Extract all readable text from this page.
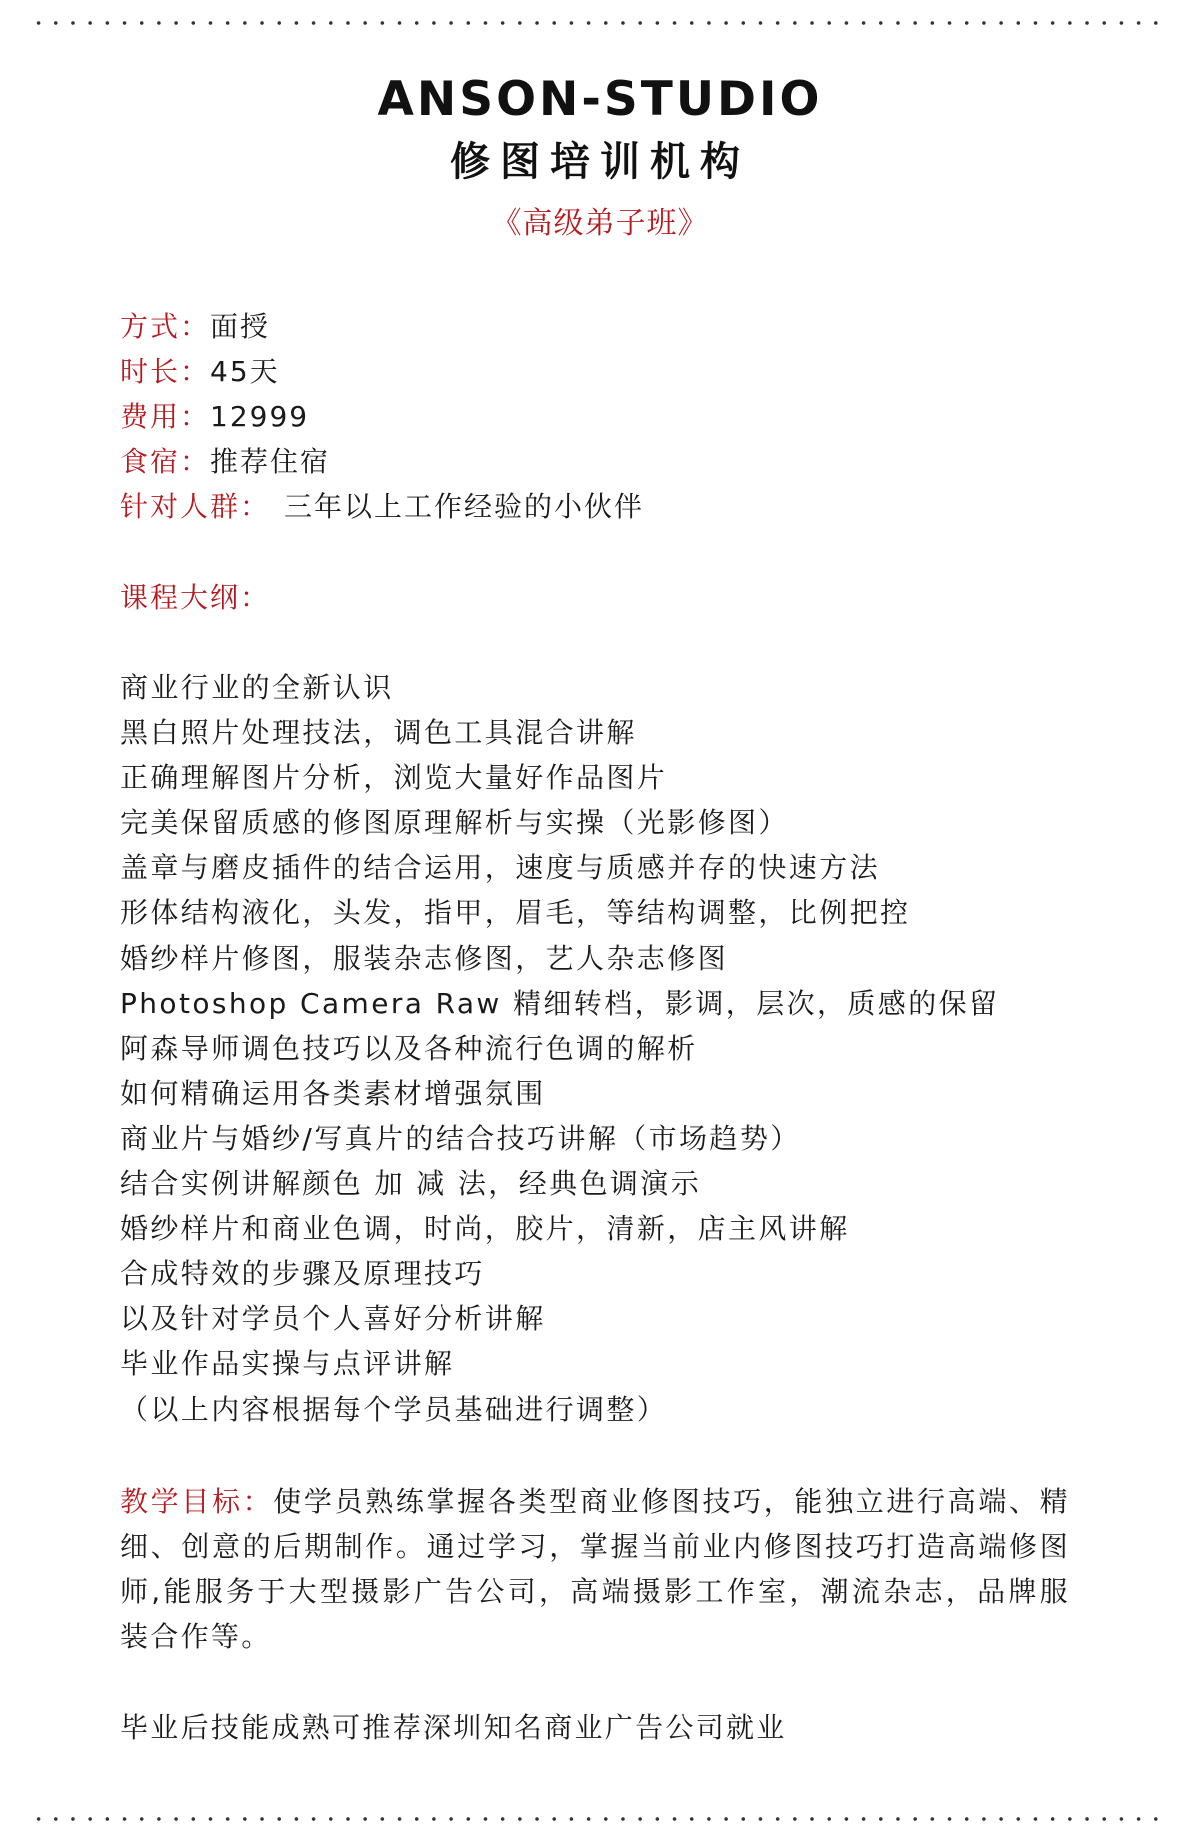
ANSON-STUDIO
修图培训机构
《高级弟子班》
方式：面授
时长：45天
费用：12999
食宿：推荐住宿
针对人群： 三年以上工作经验的小伙伴
课程大纲：
商业行业的全新认识
黑白照片处理技法，调色工具混合讲解
正确理解图片分析，浏览大量好作品图片
完美保留质感的修图原理解析与实操（光影修图）
盖章与磨皮插件的结合运用，速度与质感并存的快速方法
形体结构液化，头发，指甲，眉毛，等结构调整，比例把控
婚纱样片修图，服装杂志修图，艺人杂志修图
Photoshop Camera Raw 精细转档，影调，层次，质感的保留
阿森导师调色技巧以及各种流行色调的解析
如何精确运用各类素材增强氛围
商业片与婚纱/写真片的结合技巧讲解（市场趋势）
结合实例讲解颜色 加 减 法，经典色调演示
婚纱样片和商业色调，时尚，胶片，清新，店主风讲解
合成特效的步骤及原理技巧
以及针对学员个人喜好分析讲解
毕业作品实操与点评讲解
（以上内容根据每个学员基础进行调整）

教学目标：使学员熟练掌握各类型商业修图技巧，能独立进行高端、精细、创意的后期制作。通过学习，掌握当前业内修图技巧打造高端修图师,能服务于大型摄影广告公司，高端摄影工作室，潮流杂志，品牌服装合作等。

毕业后技能成熟可推荐深圳知名商业广告公司就业
